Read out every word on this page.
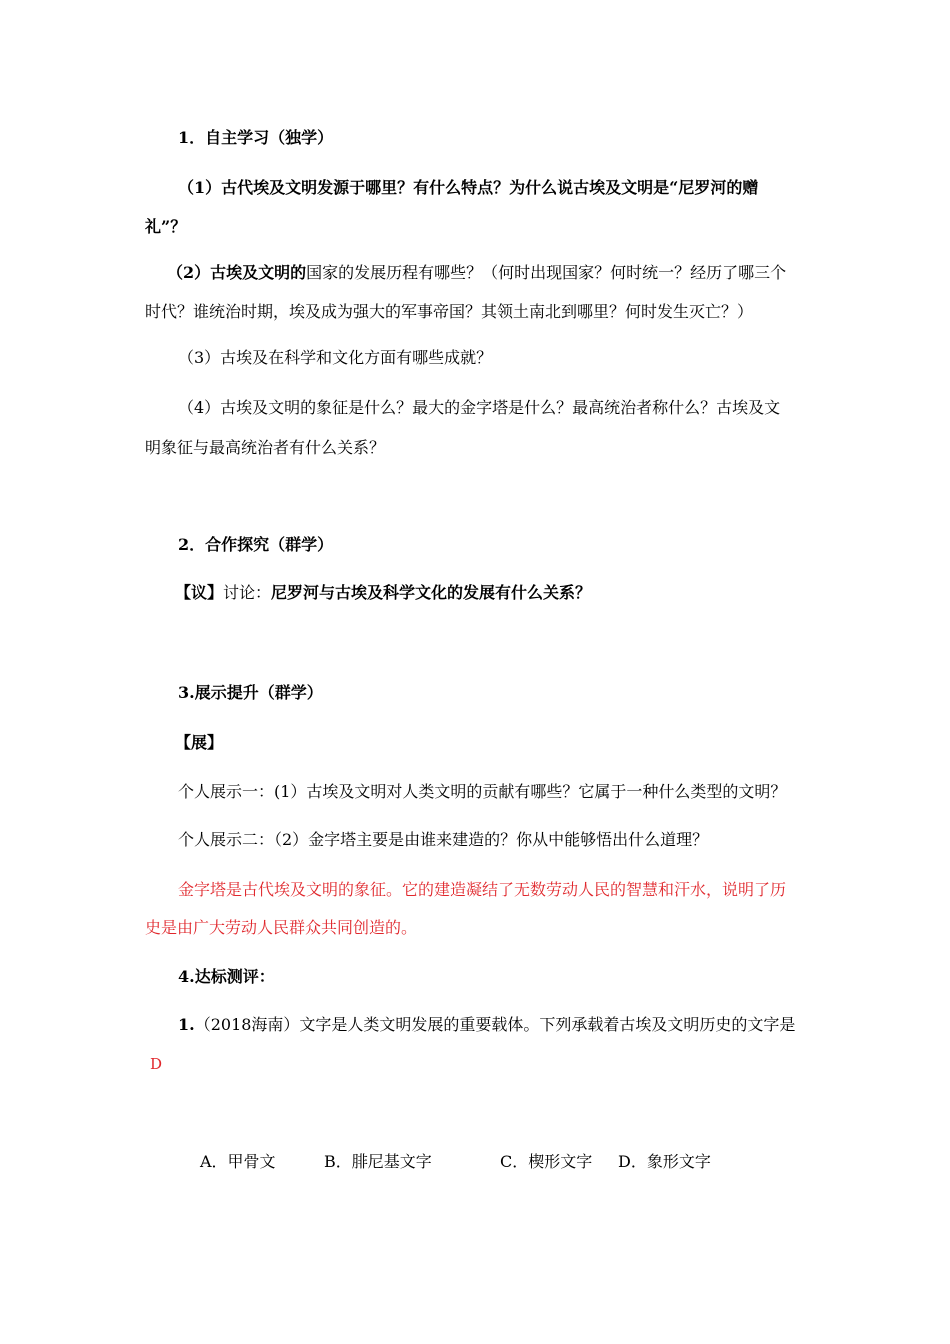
1．自主学习（独学）
（1）古代埃及文明发源于哪里？有什么特点？为什么说古埃及文明是“尼罗河的赠
礼”？
（2）古埃及文明的国家的发展历程有哪些？（何时出现国家？何时统一？经历了哪三个
时代？谁统治时期，埃及成为强大的军事帝国？其领土南北到哪里？何时发生灭亡？）
（3）古埃及在科学和文化方面有哪些成就？
（4）古埃及文明的象征是什么？最大的金字塔是什么？最高统治者称什么？古埃及文
明象征与最高统治者有什么关系？
2．合作探究（群学）
【议】讨论：尼罗河与古埃及科学文化的发展有什么关系？
3.展示提升（群学）
【展】
个人展示一：(1）古埃及文明对人类文明的贡献有哪些？它属于一种什么类型的文明？
个人展示二：（2）金字塔主要是由谁来建造的？你从中能够悟出什么道理？
金字塔是古代埃及文明的象征。它的建造凝结了无数劳动人民的智慧和汗水，说明了历
史是由广大劳动人民群众共同创造的。
4.达标测评：
1.（2018海南）文字是人类文明发展的重要载体。下列承载着古埃及文明历史的文字是
D
A．甲骨文	B．腓尼基文字	C．楔形文字 D．象形文字
